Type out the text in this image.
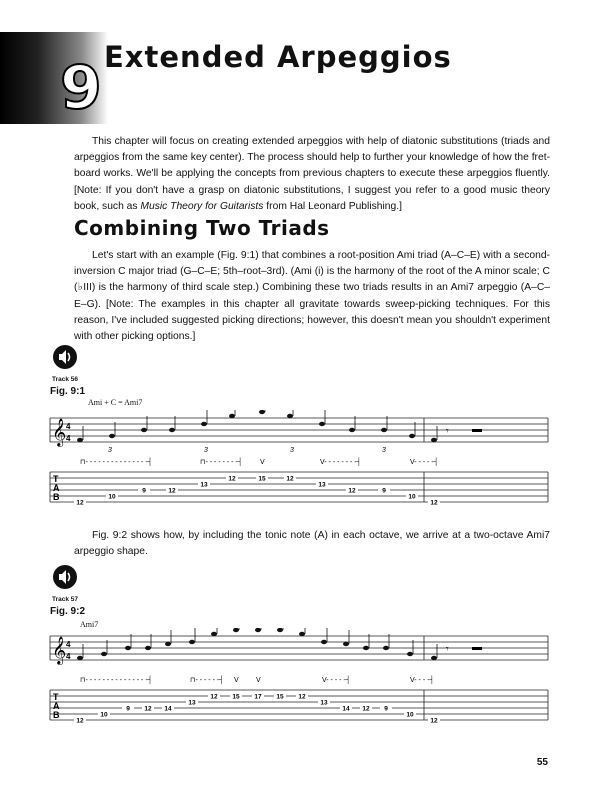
9 Extended Arpeggios

This chapter will focus on creating extended arpeggios with help of diatonic substitutions (triads and arpeggios from the same key center). The process should help to further your knowledge of how the fret-board works. We'll be applying the concepts from previous chapters to execute these arpeggios fluently. [Note: If you don't have a grasp on diatonic substitutions, I suggest you refer to a good music theory book, such as Music Theory for Guitarists from Hal Leonard Publishing.]

Combining Two Triads

Let's start with an example (Fig. 9:1) that combines a root-position Ami triad (A–C–E) with a second-inversion C major triad (G–C–E; 5th–root–3rd). (Ami (i) is the harmony of the root of the A minor scale; C (♭III) is the harmony of third scale step.) Combining these two triads results in an Ami7 arpeggio (A–C–E–G). [Note: The examples in this chapter all gravitate towards sweep-picking techniques. For this reason, I've included suggested picking directions; however, this doesn't mean you shouldn't experiment with other picking options.]

Track 56
Fig. 9:1
Ami + C = Ami7
𝄞 4
4
𝄾 ▬
3	3	3	3
⊓- - - - - - - - - - - - - - -┤	⊓- - - - - - - -┤ V	V- - - - - - - -┤	V- - - - -┤
T
A
B
12
10
9	12
13
12	15	12
13
12	9
10
12

Fig. 9:2 shows how, by including the tonic note (A) in each octave, we arrive at a two-octave Ami7 arpeggio shape.

Track 57
Fig. 9:2
Ami7
𝄞 4
4
𝄾 ▬
⊓- - - - - - - - - - - - - - -┤	⊓- - - - - -┤ V V	V- - - - -┤	V- - - -┤
T
A
B
12
10
9 12 14
13
12 15 17 15 12
13
14 12 9
10
12
55
